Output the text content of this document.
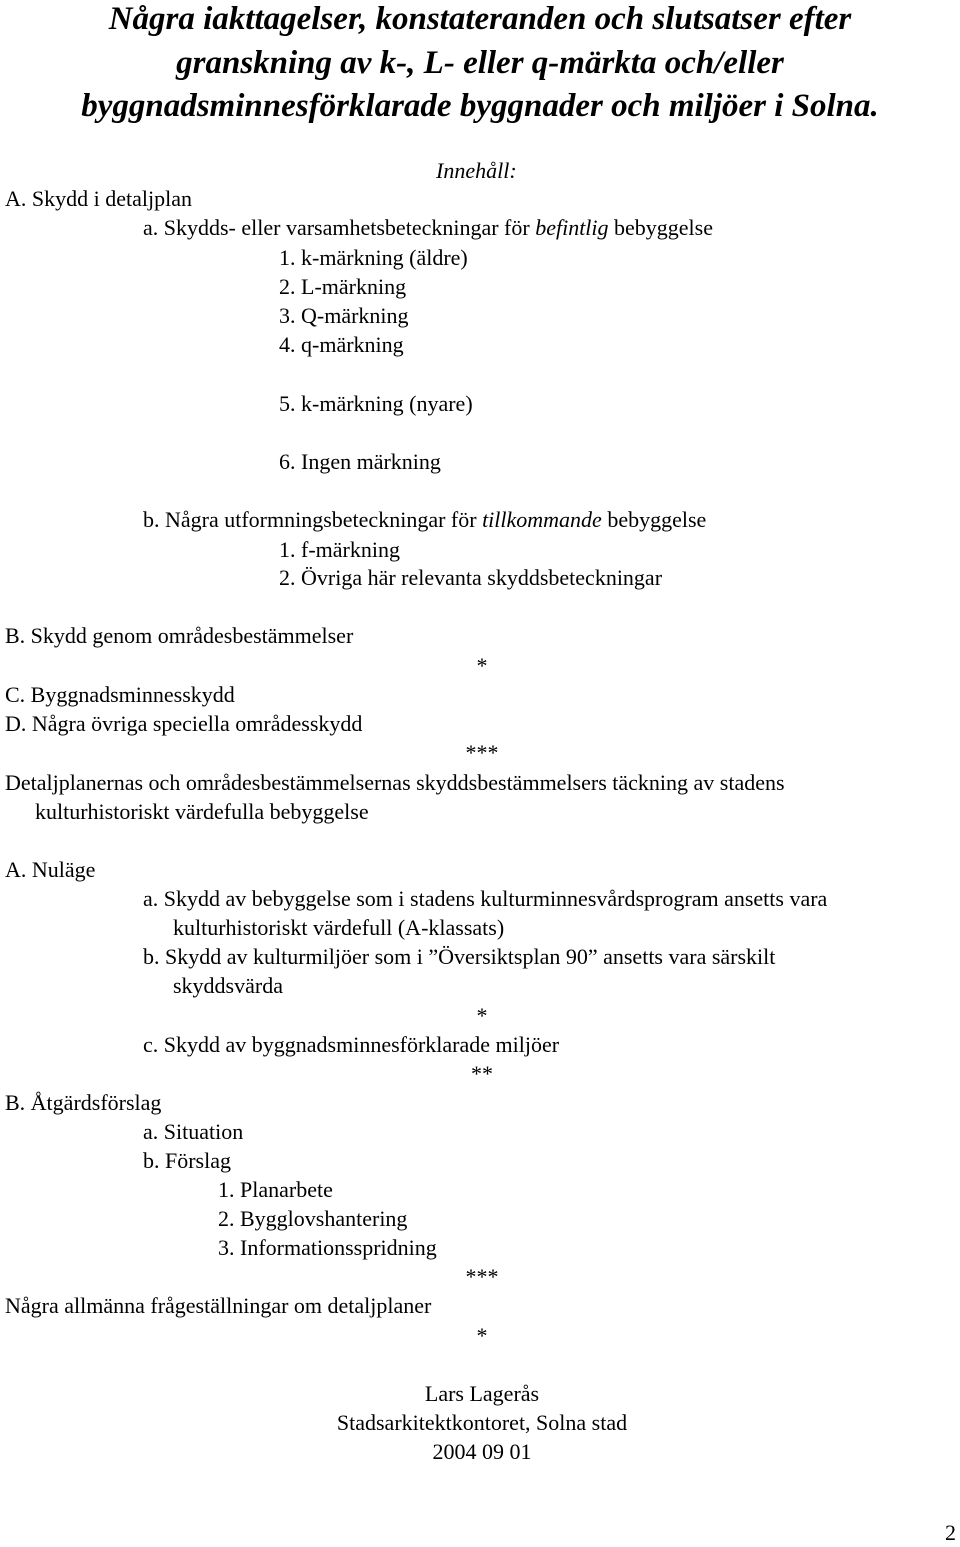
Några iakttagelser, konstateranden och slutsatser efter
granskning av k-, L- eller q-märkta och/eller
byggnadsminnesförklarade byggnader och miljöer i Solna.
Innehåll:
A. Skydd i detaljplan
a. Skydds- eller varsamhetsbeteckningar för befintlig bebyggelse
1. k-märkning (äldre)
2. L-märkning
3. Q-märkning
4. q-märkning
5. k-märkning (nyare)
6. Ingen märkning
b. Några utformningsbeteckningar för tillkommande bebyggelse
1. f-märkning
2. Övriga här relevanta skyddsbeteckningar
B. Skydd genom områdesbestämmelser
*
C. Byggnadsminnesskydd
D. Några övriga speciella områdesskydd
***
Detaljplanernas och områdesbestämmelsernas skyddsbestämmelsers täckning av stadens
kulturhistoriskt värdefulla bebyggelse
A. Nuläge
a. Skydd av bebyggelse som i stadens kulturminnesvårdsprogram ansetts vara
kulturhistoriskt värdefull (A-klassats)
b. Skydd av kulturmiljöer som i ”Översiktsplan 90” ansetts vara särskilt
skyddsvärda
*
c. Skydd av byggnadsminnesförklarade miljöer
**
B. Åtgärdsförslag
a. Situation
b. Förslag
1. Planarbete
2. Bygglovshantering
3. Informationsspridning
***
Några allmänna frågeställningar om detaljplaner
*
Lars Lagerås
Stadsarkitektkontoret, Solna stad
2004 09 01
2
